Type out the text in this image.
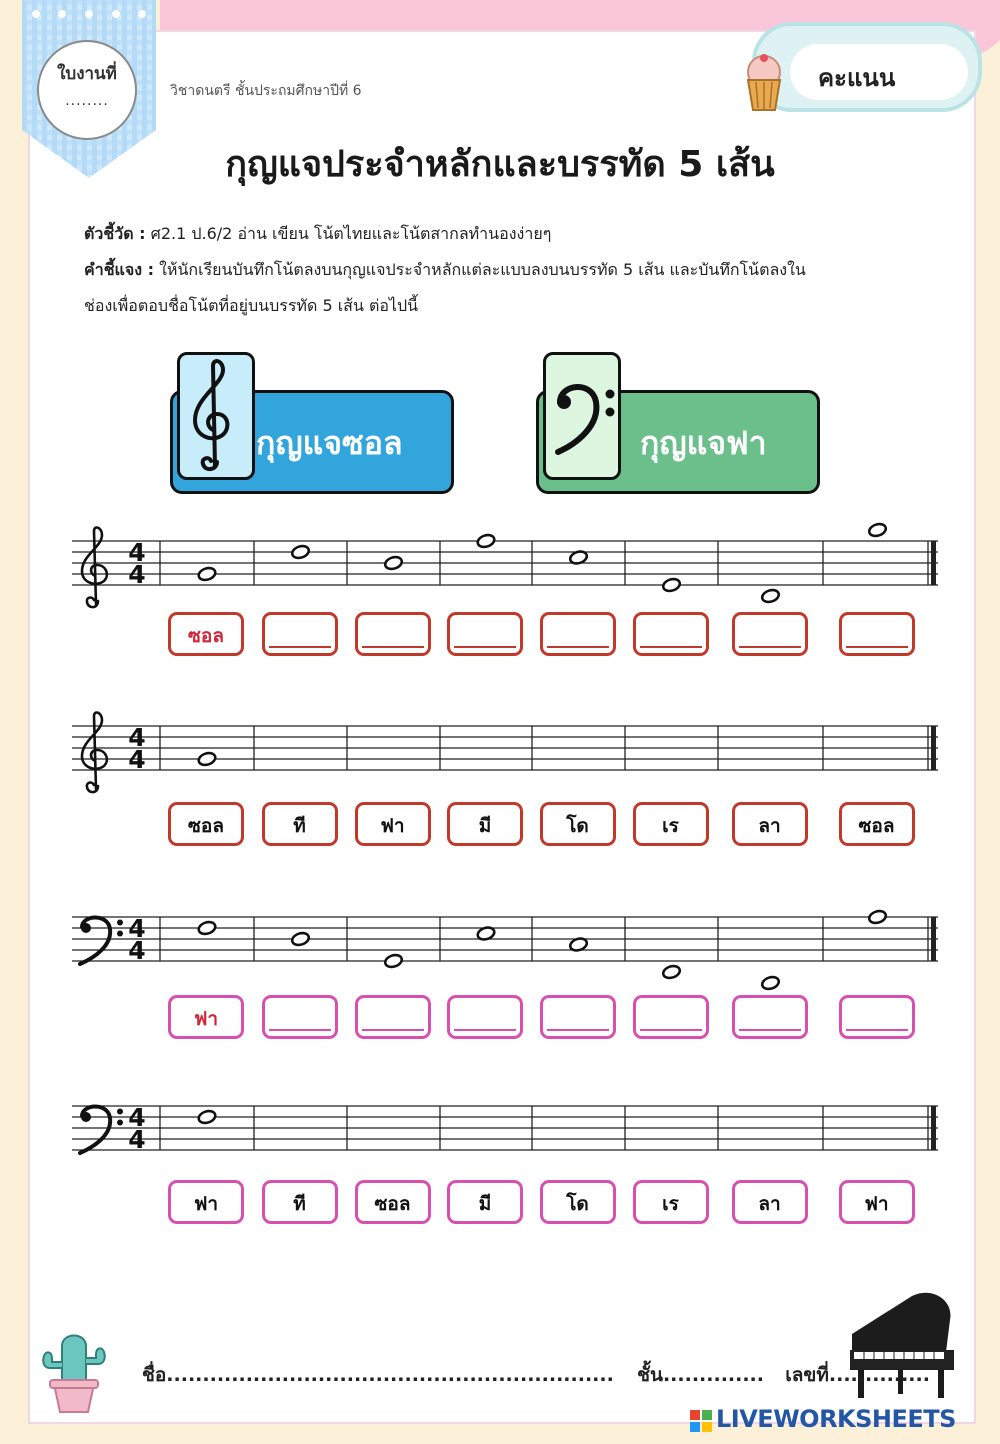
ใบงานที่
........
วิชาดนตรี ชั้นประถมศึกษาปีที่ 6	คะแนน
กุญแจประจำหลักและบรรทัด 5 เส้น
ตัวชี้วัด : ศ2.1 ป.6/2 อ่าน เขียน โน้ตไทยและโน้ตสากลทำนองง่ายๆ
คำชี้แจง : ให้นักเรียนบันทึกโน้ตลงบนกุญแจประจำหลักแต่ละแบบลงบนบรรทัด 5 เส้น และบันทึกโน้ตลงใน
ช่องเพื่อตอบชื่อโน้ตที่อยู่บนบรรทัด 5 เส้น ต่อไปนี้
กุญแจซอล	กุญแจฟา
4
4
4
4
4
4
4
4
ซอล
ซอล	ที	ฟา	มี	โด	เร	ลา	ซอล
ฟา
ฟา	ที	ซอล	มี	โด	เร	ลา	ฟา
ชื่อ.............................................................. ชั้น.............. เลขที่..............
LIVEWORKSHEETS
